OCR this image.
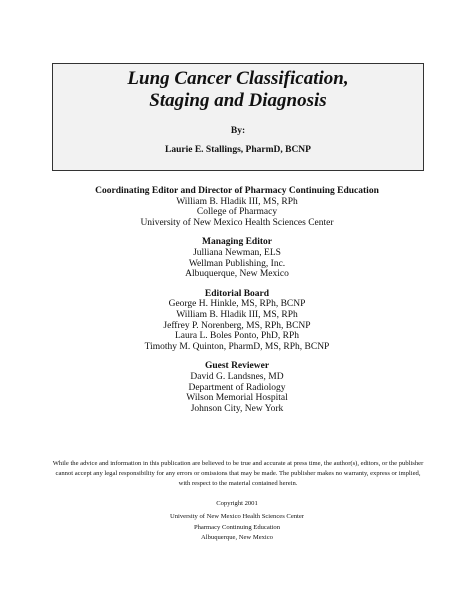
Lung Cancer Classification,
Staging and Diagnosis
By:
Laurie E. Stallings, PharmD, BCNP
Coordinating Editor and Director of Pharmacy Continuing Education
William B. Hladik III, MS, RPh
College of Pharmacy
University of New Mexico Health Sciences Center
Managing Editor
Julliana Newman, ELS
Wellman Publishing, Inc.
Albuquerque, New Mexico
Editorial Board
George H. Hinkle, MS, RPh, BCNP
William B. Hladik III, MS, RPh
Jeffrey P. Norenberg, MS, RPh, BCNP
Laura L. Boles Ponto, PhD, RPh
Timothy M. Quinton, PharmD, MS, RPh, BCNP
Guest Reviewer
David G. Landsnes, MD
Department of Radiology
Wilson Memorial Hospital
Johnson City, New York
While the advice and information in this publication are believed to be true and accurate at press time, the author(s), editors, or the publisher cannot accept any legal responsibility for any errors or omissions that may be made. The publisher makes no warranty, express or implied, with respect to the material contained herein.
Copyright 2001
University of New Mexico Health Sciences Center
Pharmacy Continuing Education
Albuquerque, New Mexico
